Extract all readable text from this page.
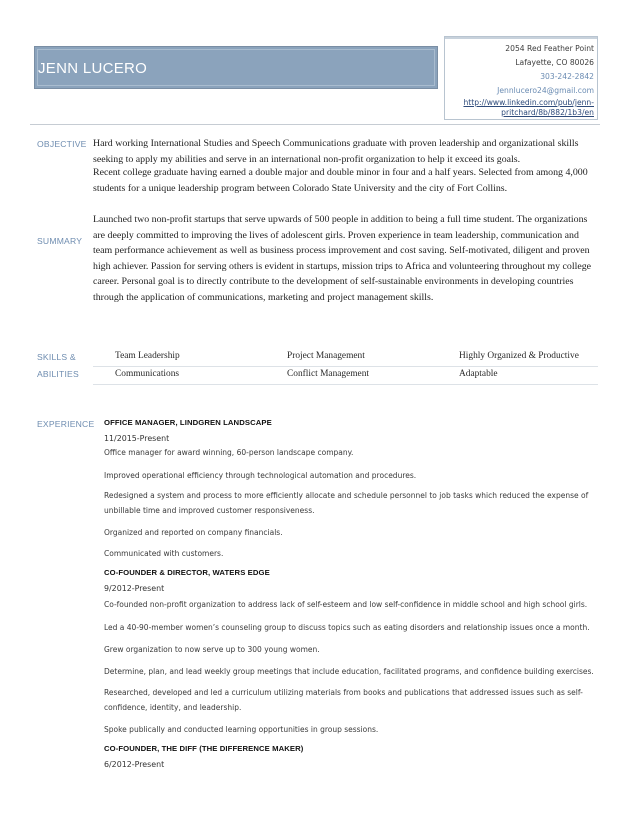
JENN LUCERO
2054 Red Feather Point
Lafayette, CO 80026
303-242-2842
Jennlucero24@gmail.com
http://www.linkedin.com/pub/jenn-
pritchard/8b/882/1b3/en
OBJECTIVE Hard working International Studies and Speech Communications graduate with proven leadership and organizational skills seeking to apply my abilities and serve in an international non-profit organization to help it exceed its goals.
Recent college graduate having earned a double major and double minor in four and a half years. Selected from among 4,000 students for a unique leadership program between Colorado State University and the city of Fort Collins.
SUMMARY
Launched two non-profit startups that serve upwards of 500 people in addition to being a full time student. The organizations are deeply committed to improving the lives of adolescent girls. Proven experience in team leadership, communication and team performance achievement as well as business process improvement and cost saving. Self-motivated, diligent and proven high achiever. Passion for serving others is evident in startups, mission trips to Africa and volunteering throughout my college career. Personal goal is to directly contribute to the development of self-sustainable environments in developing countries through the application of communications, marketing and project management skills.
SKILLS &
ABILITIES
Team Leadership	Project Management	Highly Organized & Productive
Communications	Conflict Management	Adaptable
EXPERIENCE OFFICE MANAGER, LINDGREN LANDSCAPE
11/2015-Present
Office manager for award winning, 60-person landscape company.
Improved operational efficiency through technological automation and procedures.
Redesigned a system and process to more efficiently allocate and schedule personnel to job tasks which reduced the expense of
unbillable time and improved customer responsiveness.
Organized and reported on company financials.
Communicated with customers.
CO-FOUNDER & DIRECTOR, WATERS EDGE
9/2012-Present
Co-founded non-profit organization to address lack of self-esteem and low self-confidence in middle school and high school girls.
Led a 40-90-member women’s counseling group to discuss topics such as eating disorders and relationship issues once a month.
Grew organization to now serve up to 300 young women.
Determine, plan, and lead weekly group meetings that include education, facilitated programs, and confidence building exercises.
Researched, developed and led a curriculum utilizing materials from books and publications that addressed issues such as self-
confidence, identity, and leadership.
Spoke publically and conducted learning opportunities in group sessions.
CO-FOUNDER, THE DIFF (THE DIFFERENCE MAKER)
6/2012-Present
